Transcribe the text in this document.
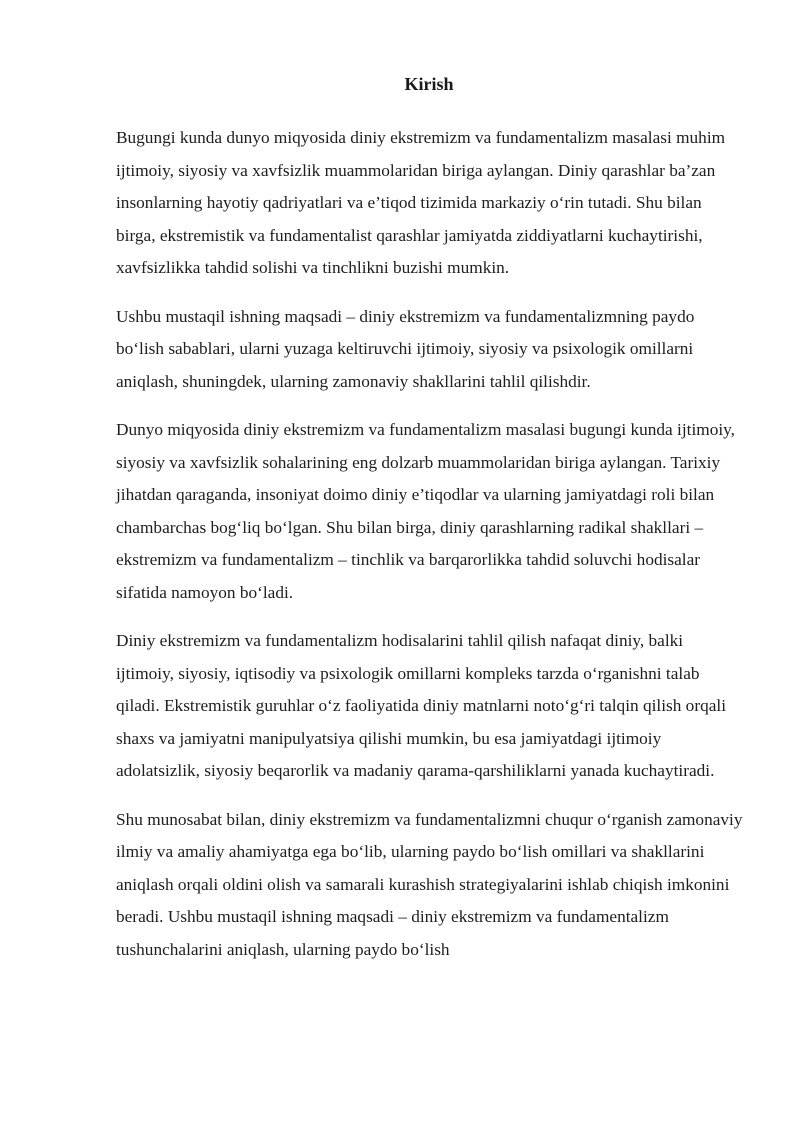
Kirish

Bugungi kunda dunyo miqyosida diniy ekstremizm va fundamentalizm masalasi muhim ijtimoiy, siyosiy va xavfsizlik muammolaridan biriga aylangan. Diniy qarashlar ba’zan insonlarning hayotiy qadriyatlari va e’tiqod tizimida markaziy o‘rin tutadi. Shu bilan birga, ekstremistik va fundamentalist qarashlar jamiyatda ziddiyatlarni kuchaytirishi, xavfsizlikka tahdid solishi va tinchlikni buzishi mumkin.

Ushbu mustaqil ishning maqsadi – diniy ekstremizm va fundamentalizmning paydo bo‘lish sabablari, ularni yuzaga keltiruvchi ijtimoiy, siyosiy va psixologik omillarni aniqlash, shuningdek, ularning zamonaviy shakllarini tahlil qilishdir.

Dunyo miqyosida diniy ekstremizm va fundamentalizm masalasi bugungi kunda ijtimoiy, siyosiy va xavfsizlik sohalarining eng dolzarb muammolaridan biriga aylangan. Tarixiy jihatdan qaraganda, insoniyat doimo diniy e’tiqodlar va ularning jamiyatdagi roli bilan chambarchas bog‘liq bo‘lgan. Shu bilan birga, diniy qarashlarning radikal shakllari – ekstremizm va fundamentalizm – tinchlik va barqarorlikka tahdid soluvchi hodisalar sifatida namoyon bo‘ladi.

Diniy ekstremizm va fundamentalizm hodisalarini tahlil qilish nafaqat diniy, balki ijtimoiy, siyosiy, iqtisodiy va psixologik omillarni kompleks tarzda o‘rganishni talab qiladi. Ekstremistik guruhlar o‘z faoliyatida diniy matnlarni noto‘g‘ri talqin qilish orqali shaxs va jamiyatni manipulyatsiya qilishi mumkin, bu esa jamiyatdagi ijtimoiy adolatsizlik, siyosiy beqarorlik va madaniy qarama-qarshiliklarni yanada kuchaytiradi.

Shu munosabat bilan, diniy ekstremizm va fundamentalizmni chuqur o‘rganish zamonaviy ilmiy va amaliy ahamiyatga ega bo‘lib, ularning paydo bo‘lish omillari va shakllarini aniqlash orqali oldini olish va samarali kurashish strategiyalarini ishlab chiqish imkonini beradi. Ushbu mustaqil ishning maqsadi – diniy ekstremizm va fundamentalizm tushunchalarini aniqlash, ularning paydo bo‘lish
